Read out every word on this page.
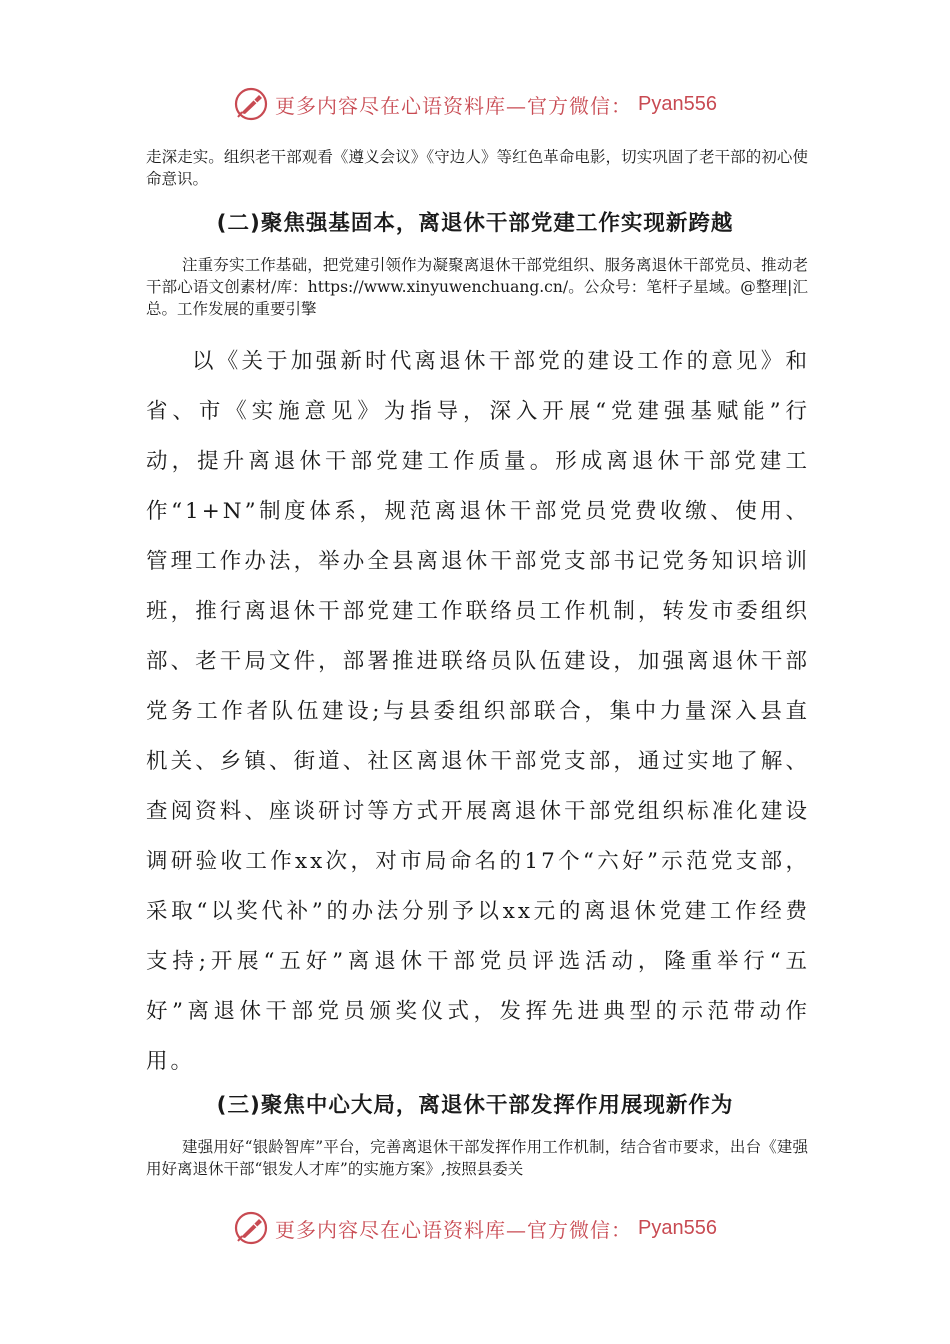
更多内容尽在心语资料库—官方微信： Pyan556

走深走实。组织老干部观看《遵义会议》《守边人》等红色革命电影，切实巩固了老干部的初心使命意识。

(二)聚焦强基固本，离退休干部党建工作实现新跨越

注重夯实工作基础，把党建引领作为凝聚离退休干部党组织、服务离退休干部党员、推动老干部心语文创素材/库：https://www.xinyuwenchuang.cn/。公众号：笔杆子星域。@整理|汇总。工作发展的重要引擎

以《关于加强新时代离退休干部党的建设工作的意见》和省、市《实施意见》为指导，深入开展“党建强基赋能”行动，提升离退休干部党建工作质量。形成离退休干部党建工作“1+N”制度体系，规范离退休干部党员党费收缴、使用、管理工作办法，举办全县离退休干部党支部书记党务知识培训班，推行离退休干部党建工作联络员工作机制，转发市委组织部、老干局文件，部署推进联络员队伍建设，加强离退休干部党务工作者队伍建设;与县委组织部联合，集中力量深入县直机关、乡镇、街道、社区离退休干部党支部，通过实地了解、查阅资料、座谈研讨等方式开展离退休干部党组织标准化建设调研验收工作xx次，对市局命名的17个“六好”示范党支部，采取“以奖代补”的办法分别予以xx元的离退休党建工作经费支持;开展“五好”离退休干部党员评选活动，隆重举行“五好”离退休干部党员颁奖仪式，发挥先进典型的示范带动作用。

(三)聚焦中心大局，离退休干部发挥作用展现新作为

建强用好“银龄智库”平台，完善离退休干部发挥作用工作机制，结合省市要求，出台《建强用好离退休干部“银发人才库”的实施方案》,按照县委关

更多内容尽在心语资料库—官方微信： Pyan556
